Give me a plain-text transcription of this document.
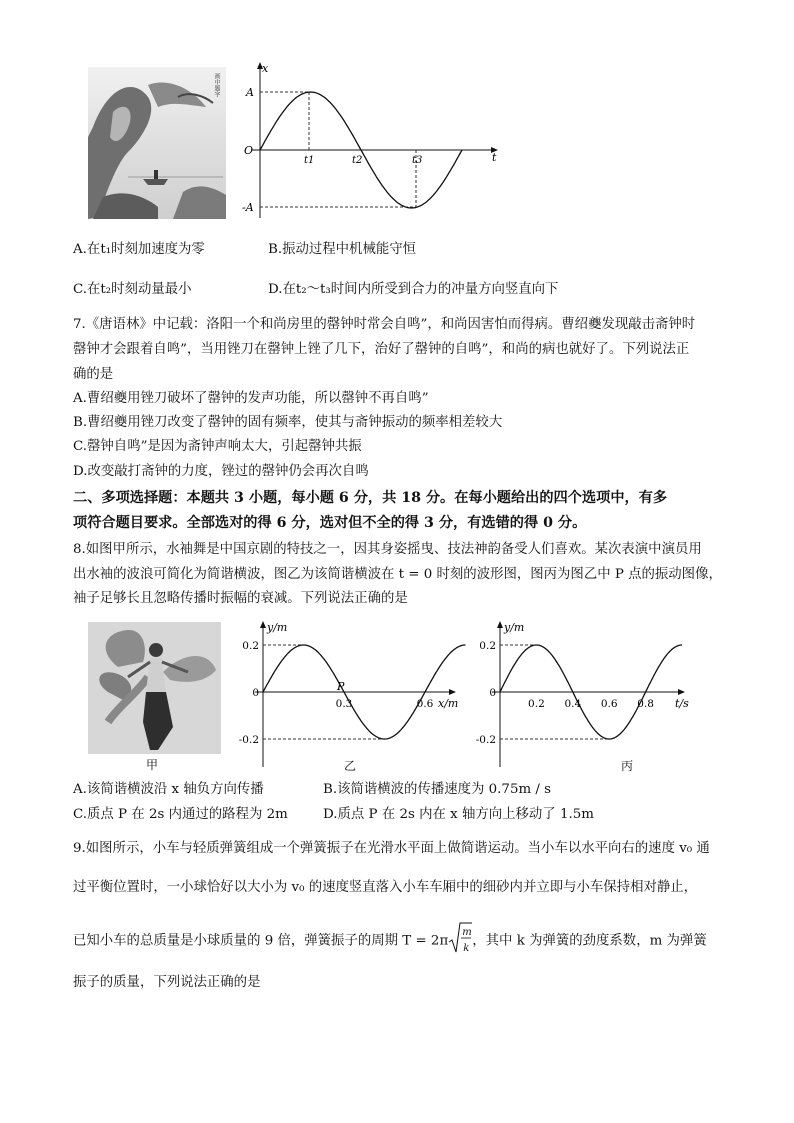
画中题字
x
t
A
O
-A
t1	t2	t3
A.在t₁时刻加速度为零	B.振动过程中机械能守恒
C.在t₂时刻动量最小	D.在t₂～t₃时间内所受到合力的冲量方向竖直向下
7.《唐语林》中记载：洛阳一个和尚房里的罄钟时常会自鸣”，和尚因害怕而得病。曹绍夔发现敲击斋钟时
罄钟才会跟着自鸣”，当用锉刀在罄钟上锉了几下，治好了罄钟的自鸣”，和尚的病也就好了。下列说法正
确的是
A.曹绍夔用锉刀破坏了罄钟的发声功能，所以罄钟不再自鸣”
B.曹绍夔用锉刀改变了罄钟的固有频率，使其与斋钟振动的频率相差较大
C.罄钟自鸣”是因为斋钟声响太大，引起罄钟共振
D.改变敲打斋钟的力度，锉过的罄钟仍会再次自鸣
二、多项选择题：本题共 3 小题，每小题 6 分，共 18 分。在每小题给出的四个选项中，有多
项符合题目要求。全部选对的得 6 分，选对但不全的得 3 分，有选错的得 0 分。
8.如图甲所示，水袖舞是中国京剧的特技之一，因其身姿摇曳、技法神韵备受人们喜欢。某次表演中演员用
出水袖的波浪可简化为简谐横波，图乙为该简谐横波在 t = 0 时刻的波形图，图丙为图乙中 P 点的振动图像，
袖子足够长且忽略传播时振幅的衰减。下列说法正确的是
甲
0.2
0
-0.2
0.3	0.6
y/m
x/m
P
乙
0.2
0
-0.2
0.2 0.4 0.6 0.8
y/m
t/s
丙
A.该简谐横波沿 x 轴负方向传播	B.该简谐横波的传播速度为 0.75m / s
C.质点 P 在 2s 内通过的路程为 2m	D.质点 P 在 2s 内在 x 轴方向上移动了 1.5m
9.如图所示，小车与轻质弹簧组成一个弹簧振子在光滑水平面上做简谐运动。当小车以水平向右的速度 v₀ 通
过平衡位置时，一小球恰好以大小为 v₀ 的速度竖直落入小车车厢中的细砂内并立即与小车保持相对静止，
已知小车的总质量是小球质量的 9 倍，弹簧振子的周期 T = 2π
m
k ，其中 k 为弹簧的劲度系数，m 为弹簧
振子的质量，下列说法正确的是
